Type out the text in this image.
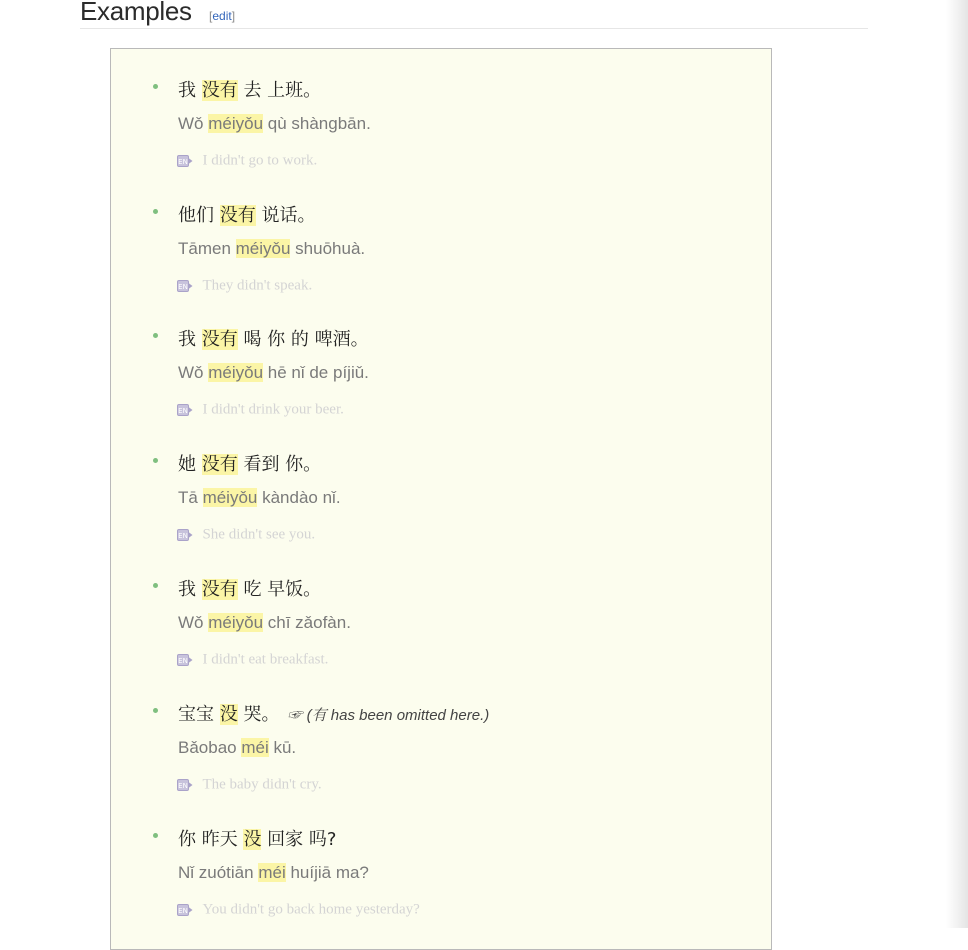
Examples [edit]
我 没有 去 上班。
Wǒ méiyǒu qù shàngbān.
EN I didn't go to work.
他们 没有 说话。
Tāmen méiyǒu shuōhuà.
EN They didn't speak.
我 没有 喝 你 的 啤酒。
Wǒ méiyǒu hē nǐ de píjiǔ.
EN I didn't drink your beer.
她 没有 看到 你。
Tā méiyǒu kàndào nǐ.
EN She didn't see you.
我 没有 吃 早饭。
Wǒ méiyǒu chī zǎofàn.
EN I didn't eat breakfast.
宝宝 没 哭。 ☞ (有 has been omitted here.)
Bǎobao méi kū.
EN The baby didn't cry.
你 昨天 没 回家 吗?
Nǐ zuótiān méi huíjiā ma?
EN You didn't go back home yesterday?
